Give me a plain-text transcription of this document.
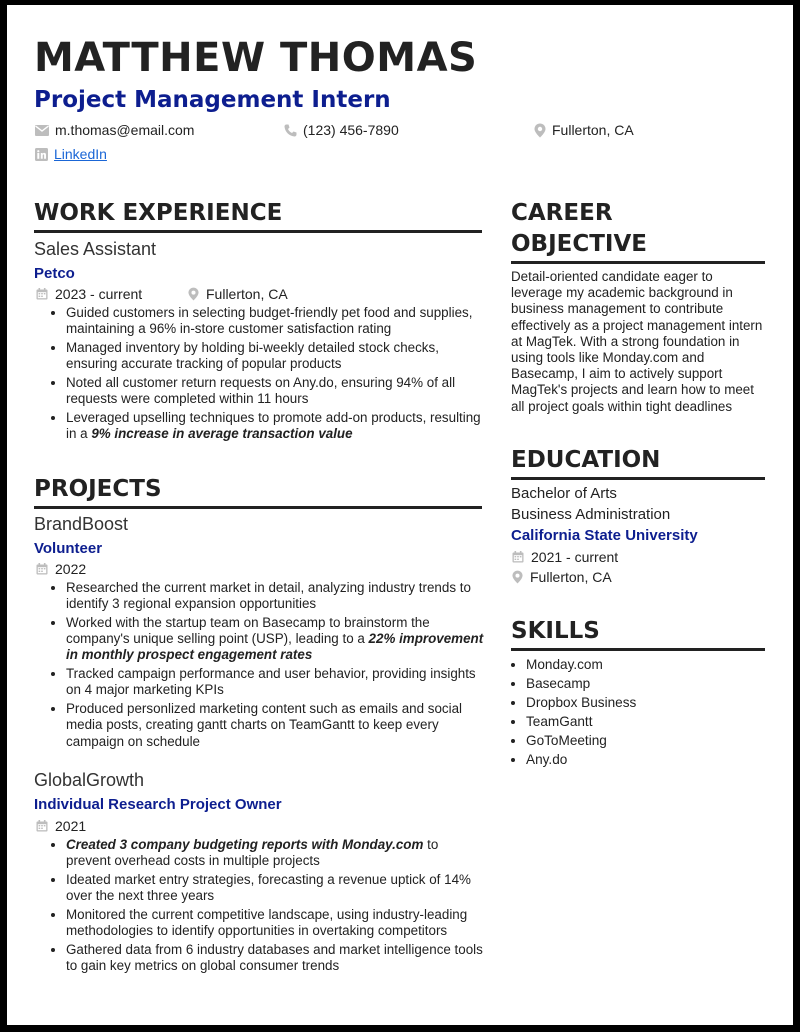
MATTHEW THOMAS
Project Management Intern
m.thomas@email.com	(123) 456-7890	Fullerton, CA
LinkedIn
WORK EXPERIENCE
Sales Assistant
Petco
2023 - current	Fullerton, CA
• Guided customers in selecting budget-friendly pet food and supplies, maintaining a 96% in-store customer satisfaction rating
• Managed inventory by holding bi-weekly detailed stock checks, ensuring accurate tracking of popular products
• Noted all customer return requests on Any.do, ensuring 94% of all requests were completed within 11 hours
• Leveraged upselling techniques to promote add-on products, resulting in a 9% increase in average transaction value
PROJECTS
BrandBoost
Volunteer
2022
• Researched the current market in detail, analyzing industry trends to identify 3 regional expansion opportunities
• Worked with the startup team on Basecamp to brainstorm the company's unique selling point (USP), leading to a 22% improvement in monthly prospect engagement rates
• Tracked campaign performance and user behavior, providing insights on 4 major marketing KPIs
• Produced personlized marketing content such as emails and social media posts, creating gantt charts on TeamGantt to keep every campaign on schedule
GlobalGrowth
Individual Research Project Owner
2021
• Created 3 company budgeting reports with Monday.com to prevent overhead costs in multiple projects
• Ideated market entry strategies, forecasting a revenue uptick of 14% over the next three years
• Monitored the current competitive landscape, using industry-leading methodologies to identify opportunities in overtaking competitors
• Gathered data from 6 industry databases and market intelligence tools to gain key metrics on global consumer trends
CAREER
OBJECTIVE

Detail-oriented candidate eager to leverage my academic background in business management to contribute effectively as a project management intern at MagTek. With a strong foundation in using tools like Monday.com and Basecamp, I aim to actively support MagTek's projects and learn how to meet all project goals within tight deadlines

EDUCATION
Bachelor of Arts
Business Administration
California State University
2021 - current
Fullerton, CA
SKILLS
• Monday.com
• Basecamp
• Dropbox Business
• TeamGantt
• GoToMeeting
• Any.do
